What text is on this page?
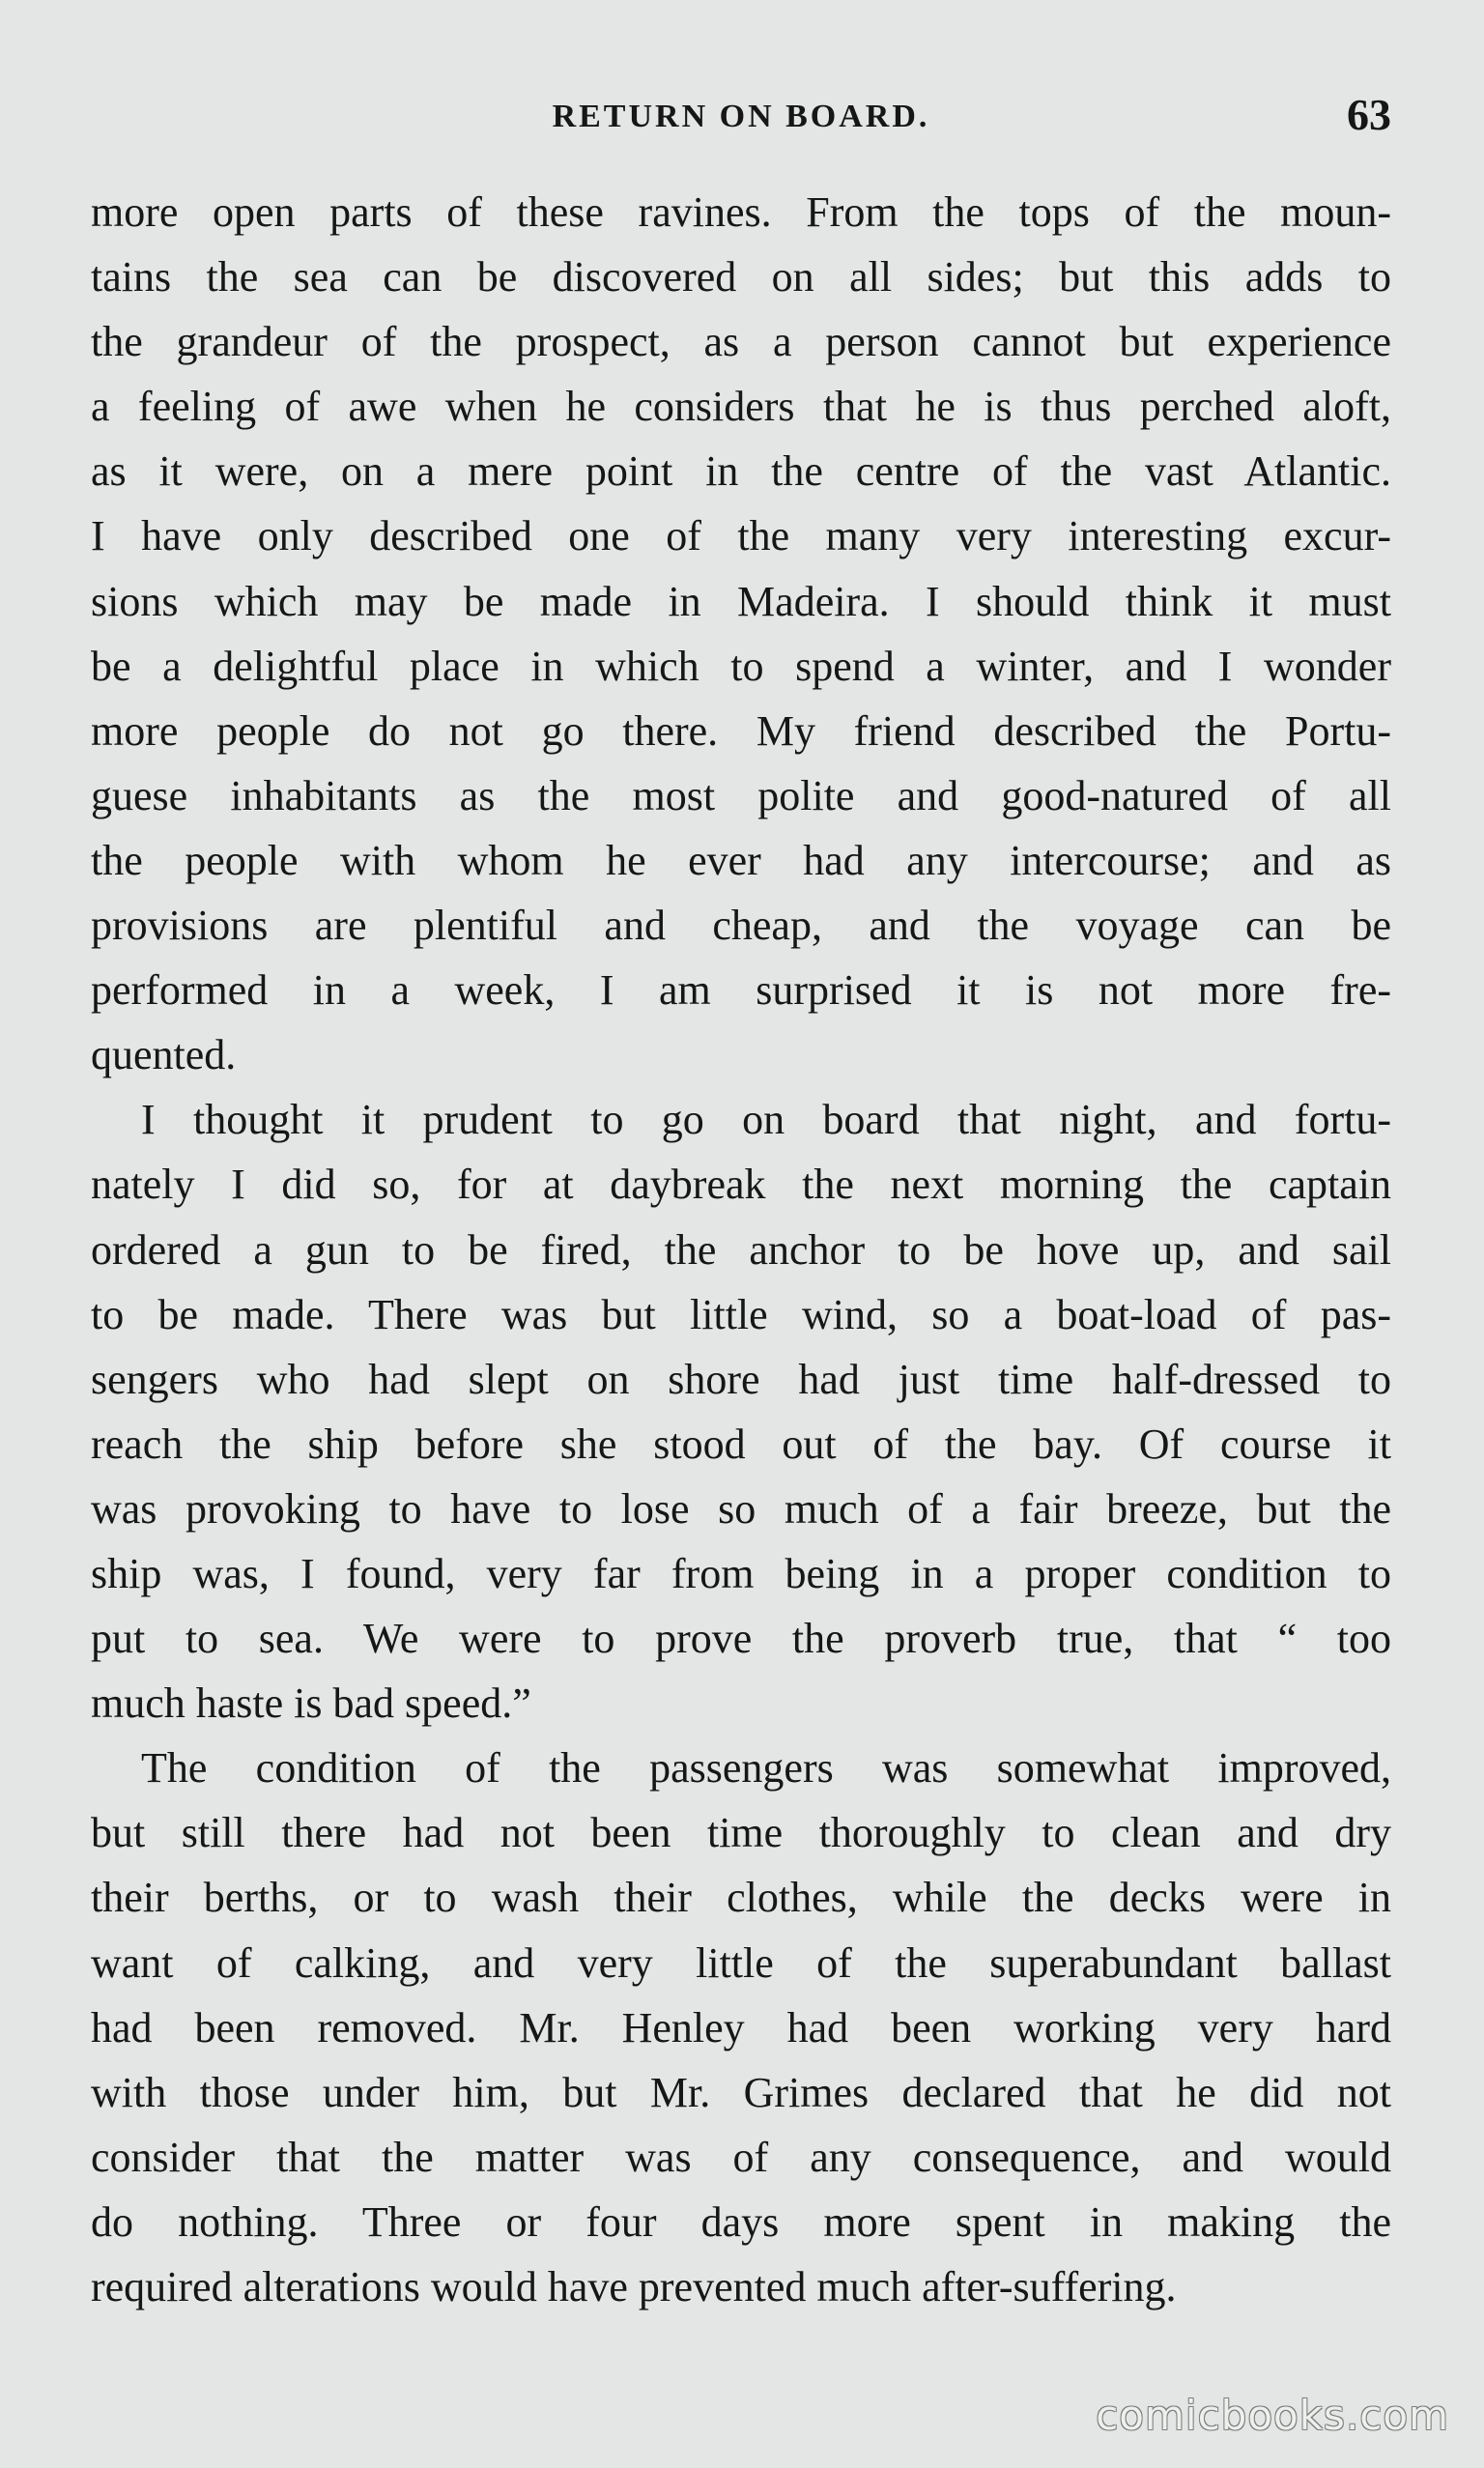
RETURN ON BOARD.	63
more open parts of these ravines. From the tops of the moun-
tains the sea can be discovered on all sides; but this adds to
the grandeur of the prospect, as a person cannot but experience
a feeling of awe when he considers that he is thus perched aloft,
as it were, on a mere point in the centre of the vast Atlantic.
I have only described one of the many very interesting excur-
sions which may be made in Madeira. I should think it must
be a delightful place in which to spend a winter, and I wonder
more people do not go there. My friend described the Portu-
guese inhabitants as the most polite and good-natured of all
the people with whom he ever had any intercourse; and as
provisions are plentiful and cheap, and the voyage can be
performed in a week, I am surprised it is not more fre-
quented.
I thought it prudent to go on board that night, and fortu-
nately I did so, for at daybreak the next morning the captain
ordered a gun to be fired, the anchor to be hove up, and sail
to be made. There was but little wind, so a boat-load of pas-
sengers who had slept on shore had just time half-dressed to
reach the ship before she stood out of the bay. Of course it
was provoking to have to lose so much of a fair breeze, but the
ship was, I found, very far from being in a proper condition to
put to sea. We were to prove the proverb true, that “ too
much haste is bad speed.”
The condition of the passengers was somewhat improved,
but still there had not been time thoroughly to clean and dry
their berths, or to wash their clothes, while the decks were in
want of calking, and very little of the superabundant ballast
had been removed. Mr. Henley had been working very hard
with those under him, but Mr. Grimes declared that he did not
consider that the matter was of any consequence, and would
do nothing. Three or four days more spent in making the
required alterations would have prevented much after-suffering.
comicbooks.com
